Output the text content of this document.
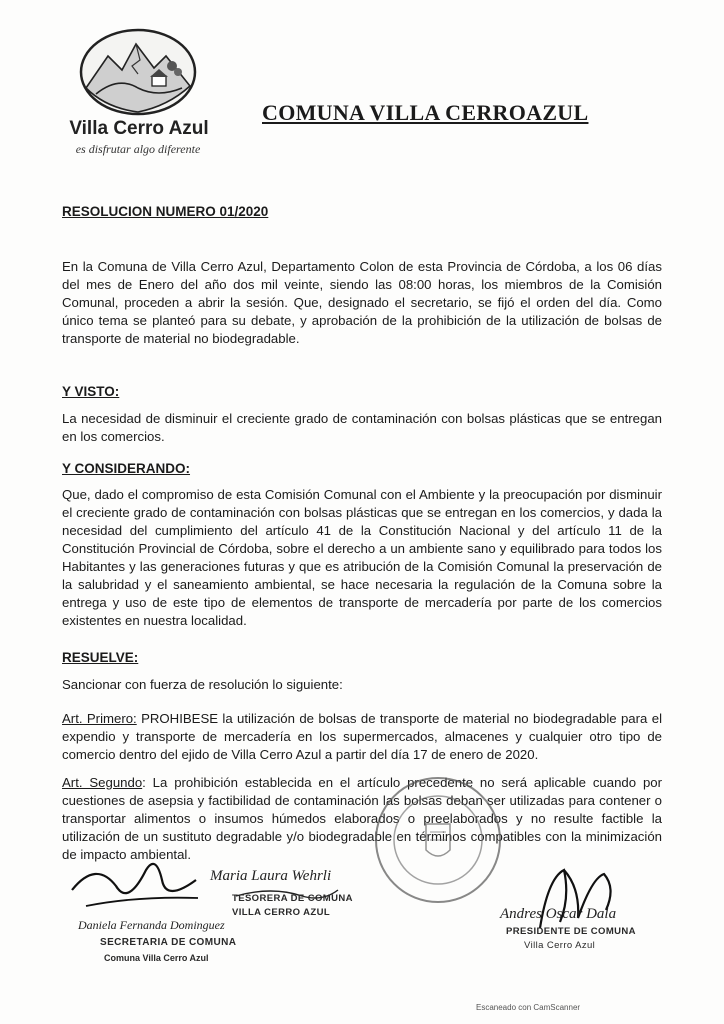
Villa Cerro Azul
es disfrutar algo diferente
COMUNA VILLA CERROAZUL
RESOLUCION NUMERO 01/2020

En la Comuna de Villa Cerro Azul, Departamento Colon de esta Provincia de Córdoba, a los 06 días del mes de Enero del año dos mil veinte, siendo las 08:00 horas, los miembros de la Comisión Comunal, proceden a abrir la sesión. Que, designado el secretario, se fijó el orden del día. Como único tema se planteó para su debate, y aprobación de la prohibición de la utilización de bolsas de transporte de material no biodegradable.

Y VISTO:

La necesidad de disminuir el creciente grado de contaminación con bolsas plásticas que se entregan en los comercios.

Y CONSIDERANDO:

Que, dado el compromiso de esta Comisión Comunal con el Ambiente y la preocupación por disminuir el creciente grado de contaminación con bolsas plásticas que se entregan en los comercios, y dada la necesidad del cumplimiento del artículo 41 de la Constitución Nacional y del artículo 11 de la Constitución Provincial de Córdoba, sobre el derecho a un ambiente sano y equilibrado para todos los Habitantes y las generaciones futuras y que es atribución de la Comisión Comunal la preservación de la salubridad y el saneamiento ambiental, se hace necesaria la regulación de la Comuna sobre la entrega y uso de este tipo de elementos de transporte de mercadería por parte de los comercios existentes en nuestra localidad.

RESUELVE:

Sancionar con fuerza de resolución lo siguiente:

Art. Primero: PROHIBESE la utilización de bolsas de transporte de material no biodegradable para el expendio y transporte de mercadería en los supermercados, almacenes y cualquier otro tipo de comercio dentro del ejido de Villa Cerro Azul a partir del día 17 de enero de 2020.

Art. Segundo: La prohibición establecida en el artículo precedente no será aplicable cuando por cuestiones de asepsia y factibilidad de contaminación las bolsas deban ser utilizadas para contener o transportar alimentos o insumos húmedos elaborados o preelaborados y no resulte factible la utilización de un sustituto degradable y/o biodegradable en términos compatibles con la minimización de impacto ambiental.

Daniela Fernanda Dominguez
SECRETARIA DE COMUNA
Comuna Villa Cerro Azul
Maria Laura Wehrli
TESORERA DE COMUNA
VILLA CERRO AZUL	Andres Oscar Dala
PRESIDENTE DE COMUNA
Villa Cerro Azul
Escaneado con CamScanner
